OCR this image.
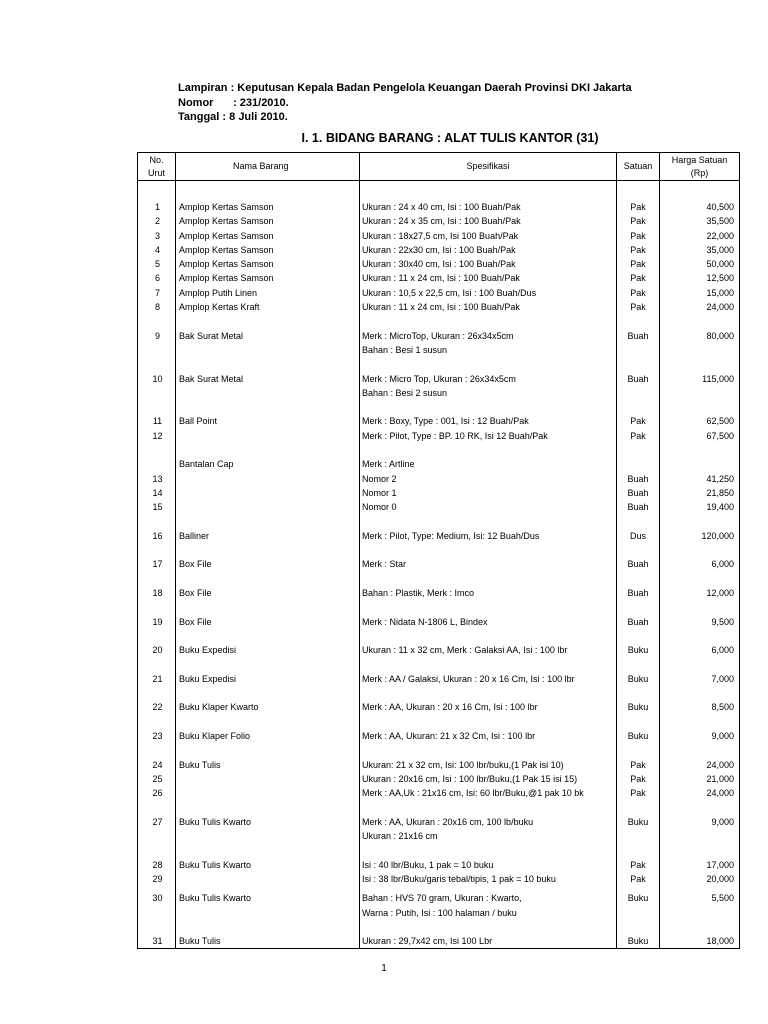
Lampiran : Keputusan Kepala Badan Pengelola Keuangan Daerah Provinsi DKI Jakarta
Nomor : 231/2010.
Tanggal : 8 Juli 2010.
I. 1. BIDANG BARANG : ALAT TULIS KANTOR (31)
No.
Urut	Nama Barang	Spesifikasi	Satuan	Harga Satuan
(Rp)

1	Amplop Kertas Samson	Ukuran : 24 x 40 cm, Isi : 100 Buah/Pak	Pak	40,500
2	Amplop Kertas Samson	Ukuran : 24 x 35 cm, Isi : 100 Buah/Pak	Pak	35,500
3	Amplop Kertas Samson	Ukuran : 18x27,5 cm, Isi 100 Buah/Pak	Pak	22,000
4	Amplop Kertas Samson	Ukuran : 22x30 cm, Isi : 100 Buah/Pak	Pak	35,000
5	Amplop Kertas Samson	Ukuran : 30x40 cm, Isi : 100 Buah/Pak	Pak	50,000
6	Amplop Kertas Samson	Ukuran : 11 x 24 cm, Isi : 100 Buah/Pak	Pak	12,500
7	Amplop Putih Linen	Ukuran : 10,5 x 22,5 cm, Isi : 100 Buah/Dus	Pak	15,000
8	Amplop Kertas Kraft	Ukuran : 11 x 24 cm, Isi : 100 Buah/Pak	Pak	24,000

9	Bak Surat Metal	Merk : MicroTop, Ukuran : 26x34x5cm	Buah	80,000
		Bahan : Besi 1 susun		

10	Bak Surat Metal	Merk : Micro Top, Ukuran : 26x34x5cm	Buah	115,000
		Bahan : Besi 2 susun		

11	Ball Point	Merk : Boxy, Type : 001, Isi : 12 Buah/Pak	Pak	62,500
12		Merk : Pilot, Type : BP. 10 RK, Isi 12 Buah/Pak	Pak	67,500

	Bantalan Cap	Merk : Artline		
13		Nomor 2	Buah	41,250
14		Nomor 1	Buah	21,850
15		Nomor 0	Buah	19,400

16	Balliner	Merk : Pilot, Type: Medium, Isi: 12 Buah/Dus	Dus	120,000

17	Box File	Merk : Star	Buah	6,000

18	Box File	Bahan : Plastik, Merk : Imco	Buah	12,000

19	Box File	Merk : Nidata N-1806 L, Bindex	Buah	9,500

20	Buku Expedisi	Ukuran : 11 x 32 cm, Merk : Galaksi AA, Isi : 100 lbr	Buku	6,000

21	Buku Expedisi	Merk : AA / Galaksi, Ukuran : 20 x 16 Cm, Isi : 100 lbr	Buku	7,000

22	Buku Klaper Kwarto	Merk : AA, Ukuran : 20 x 16 Cm, Isi : 100 lbr	Buku	8,500

23	Buku Klaper Folio	Merk : AA, Ukuran: 21 x 32 Cm, Isi : 100 lbr	Buku	9,000

24	Buku Tulis	Ukuran: 21 x 32 cm, Isi: 100 lbr/buku,(1 Pak isi 10)	Pak	24,000
25		Ukuran : 20x16 cm, Isi : 100 lbr/Buku,(1 Pak 15 isi 15)	Pak	21,000
26		Merk : AA,Uk : 21x16 cm, Isi: 60 lbr/Buku,@1 pak 10 bk	Pak	24,000

27	Buku Tulis Kwarto	Merk : AA, Ukuran : 20x16 cm, 100 lb/buku	Buku	9,000
		Ukuran : 21x16 cm		

28	Buku Tulis Kwarto	Isi : 40 lbr/Buku, 1 pak = 10 buku	Pak	17,000
29		Isi : 38 lbr/Buku/garis tebal/tipis, 1 pak = 10 buku	Pak	20,000

30	Buku Tulis Kwarto	Bahan : HVS 70 gram, Ukuran : Kwarto,	Buku	5,500
		Warna : Putih, Isi : 100 halaman / buku		

31	Buku Tulis	Ukuran : 29,7x42 cm, Isi 100 Lbr	Buku	18,000
1
